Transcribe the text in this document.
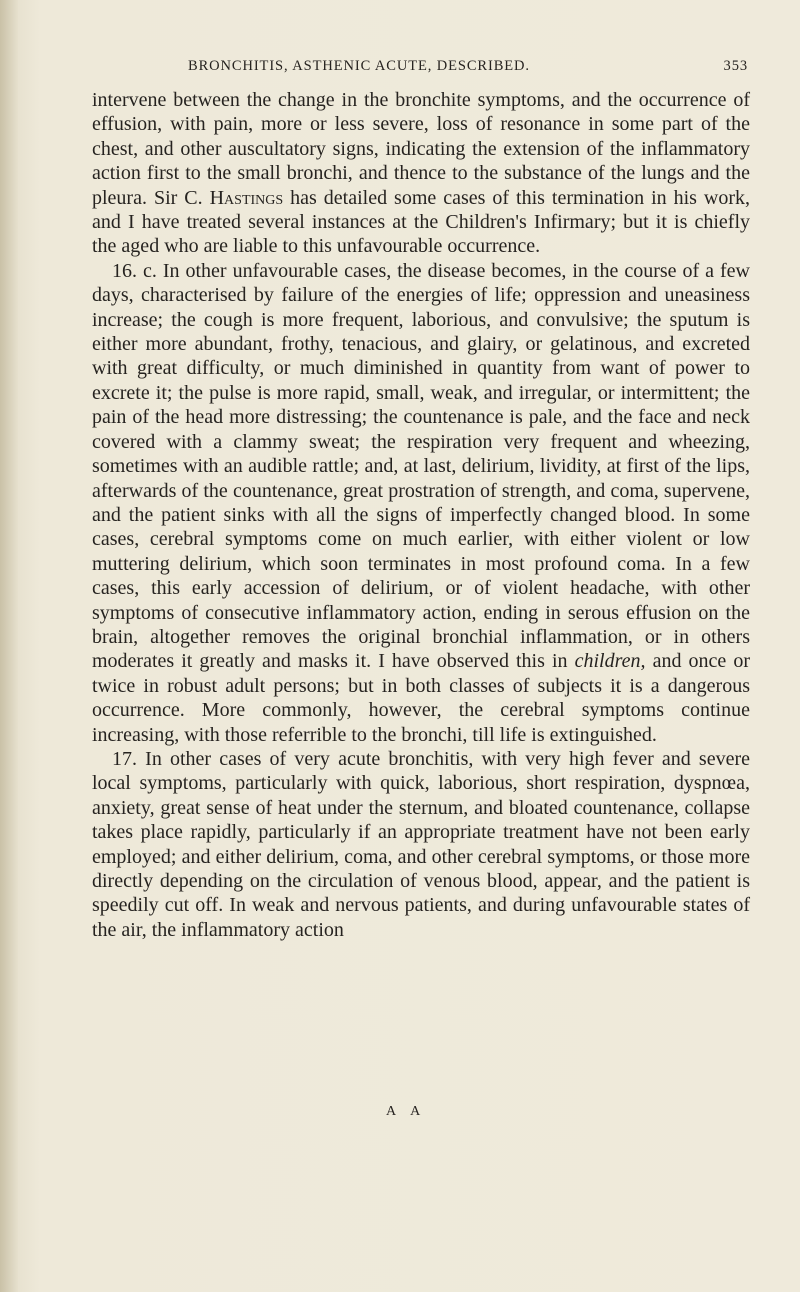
BRONCHITIS, ASTHENIC ACUTE, DESCRIBED.	353

intervene between the change in the bronchite symptoms, and the occurrence of effusion, with pain, more or less severe, loss of resonance in some part of the chest, and other auscultatory signs, indicating the extension of the inflammatory action first to the small bronchi, and thence to the substance of the lungs and the pleura. Sir C. Hastings has detailed some cases of this termination in his work, and I have treated several instances at the Children's Infirmary; but it is chiefly the aged who are liable to this unfavourable occurrence.

16. c. In other unfavourable cases, the disease becomes, in the course of a few days, characterised by failure of the energies of life; oppression and uneasiness increase; the cough is more frequent, laborious, and convulsive; the sputum is either more abundant, frothy, tenacious, and glairy, or gelatinous, and excreted with great difficulty, or much diminished in quantity from want of power to excrete it; the pulse is more rapid, small, weak, and irregular, or intermittent; the pain of the head more distressing; the countenance is pale, and the face and neck covered with a clammy sweat; the respiration very frequent and wheezing, sometimes with an audible rattle; and, at last, delirium, lividity, at first of the lips, afterwards of the countenance, great prostration of strength, and coma, supervene, and the patient sinks with all the signs of imperfectly changed blood. In some cases, cerebral symptoms come on much earlier, with either violent or low muttering delirium, which soon terminates in most profound coma. In a few cases, this early accession of delirium, or of violent headache, with other symptoms of consecutive inflammatory action, ending in serous effusion on the brain, altogether removes the original bronchial inflammation, or in others moderates it greatly and masks it. I have observed this in children, and once or twice in robust adult persons; but in both classes of subjects it is a dangerous occurrence. More commonly, however, the cerebral symptoms continue increasing, with those referrible to the bronchi, till life is extinguished.

17. In other cases of very acute bronchitis, with very high fever and severe local symptoms, particularly with quick, laborious, short respiration, dyspnœa, anxiety, great sense of heat under the sternum, and bloated countenance, collapse takes place rapidly, particularly if an appropriate treatment have not been early employed; and either delirium, coma, and other cerebral symptoms, or those more directly depending on the circulation of venous blood, appear, and the patient is speedily cut off. In weak and nervous patients, and during unfavourable states of the air, the inflammatory action

A A
